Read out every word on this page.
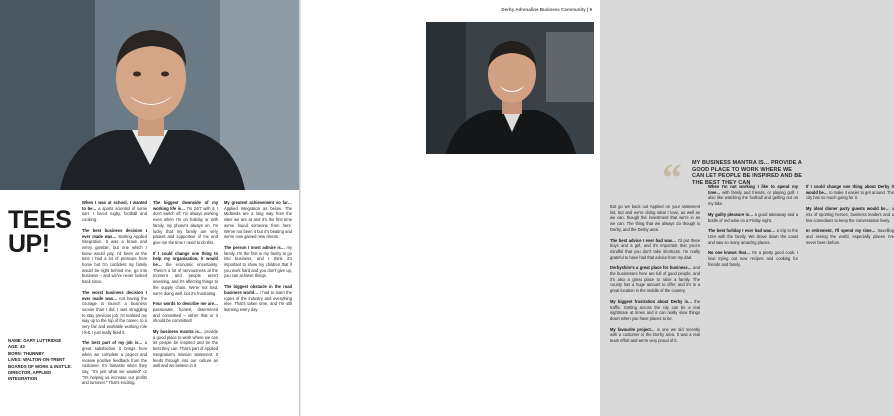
TEES
UP!
NAME: GARY LUTTRIDGE
AGE: 43
BORN: THURNBY
LIVES: WALTON-ON-TRENT
BOARDS OF WORK & INST'LE: DIRECTOR, APPLIED INTEGRATION

When I was at school, I wanted to be… a sports scientist of some sort. I loved rugby, football and cooking.

The best business decision I ever made was… starting Applied Integration. It was a brave and nervy gamble, but one which I knew would pay. I'd been at the time I had a lot of pressure from home but I'm confident my family would be right behind me, go into business – and we've never looked back since.

The worst business decision I ever made was… not having the courage to launch a business sooner than I did. I was struggling to stay previous job. I'd realised my way up to the top of the career, to a very fair and workable working role I felt. I just really liked it.

The best part of my job is… a great satisfaction it brings from when we complete a project and receive positive feedback from the customer. It's fantastic when they say, "It's just what we wanted" or "It's helping us increase our profits and turnover." That's exciting.

The biggest downside of my working life is… I'm 24/7 with it. I don't switch off. I'm always working even when I'm on holiday or with family, my phone's always on. I'm lucky that my family are very patient and supportive of me and give me the time I need to do this.

If I could change one thing to help my organisation, it would be… the economic uncertainty. There's a lot of nervousness at the moment and people aren't investing, and it's affecting things to the supply chain. We're not bad, we're doing well, but it's frustrating.

Four words to describe me are… passionate, honest, determined and committed – either that or it should be committed!

My business mantra is… provide a good place to work where we can let people be inspired and be the best they can. That's part of Applied Integration's mission statement. It feeds through into our culture as well and we believe in it.

My greatest achievement so far… Applied Integration as below. The Midlands are a long way from the sites we are at and it's the first time we've found someone from here. We've not been it but it's beating and we've now gained new clients.

The person I most admire is… my family. I'm the first in my family to go into business, and I think it's important to show my children that if you work hard and you don't give up, you can achieve things.

The biggest obstacle in the road business world… I had to learn the ropes of the industry and everything else. That's taken time, and I'm still learning every day.

Derby Adrenaline Business Community | 9
“ MY BUSINESS MANTRA IS… PROVIDE A GOOD PLACE TO WORK WHERE WE CAN LET PEOPLE BE INSPIRED AND BE THE BEST THEY CAN

But go we back out Applied on your statement list, but and we're doing what I love, as well as we can, though the investment that we're in as we can. The thing that we always do though is Derby, and the Derby area.

The best advice I ever had was… I'd put three boys and a girl, and it's important that you're mindful that you don't take shortcuts. I'm really grateful to have had that advice from my dad.

Derbyshire's a great place for business… and the businesses here are full of good people, and it's also a great place to raise a family. The county has a huge amount to offer, and it's in a great location in the middle of the country.

My biggest frustration about Derby is… the traffic. Getting across the city can be a real nightmare at times and it can really slow things down when you have places to be.

My favourite project… is one we did recently with a customer in the Derby area. It was a real team effort and we're very proud of it.

When I'm not working I like to spend my time… with family and friends, or playing golf. I also like watching the football and getting out on my bike.

My guilty pleasure is… a good takeaway and a bottle of red wine on a Friday night.

The best holiday I ever had was… a trip to the USA with the family. We drove down the coast and saw so many amazing places.

No one knows that… I'm a pretty good cook. I love trying out new recipes and cooking for friends and family.

If I could change one thing about Derby it would be… to make it easier to get around. The city has so much going for it.

My ideal dinner party guests would be… a mix of sporting heroes, business leaders and a few comedians to keep the conversation lively.

In retirement, I'll spend my time… travelling and seeing the world, especially places I've never been before.
